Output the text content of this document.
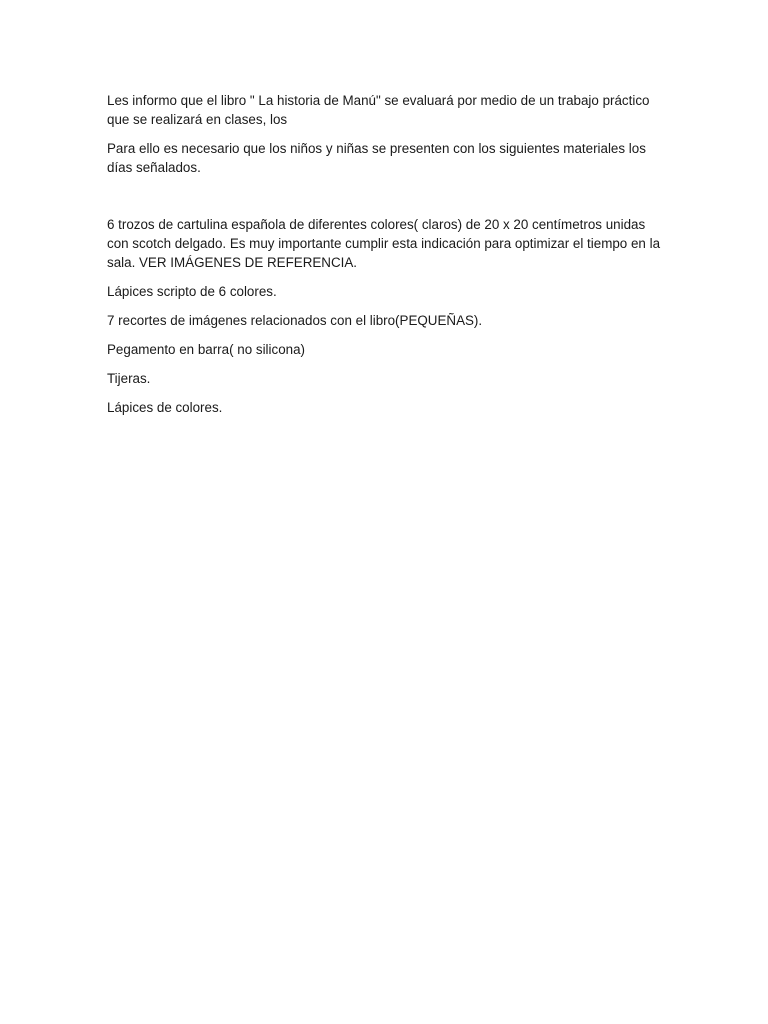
Les informo que el libro " La historia de Manú" se evaluará por medio de un trabajo práctico que se realizará en clases, los

Para ello es necesario que los niños y niñas se presenten con los siguientes materiales los días señalados.

6 trozos de cartulina española de diferentes colores( claros) de 20 x 20 centímetros unidas con scotch delgado. Es muy importante cumplir esta indicación para optimizar el tiempo en la sala. VER IMÁGENES DE REFERENCIA.

Lápices scripto de 6 colores.

7 recortes de imágenes relacionados con el libro(PEQUEÑAS).

Pegamento en barra( no silicona)

Tijeras.

Lápices de colores.
